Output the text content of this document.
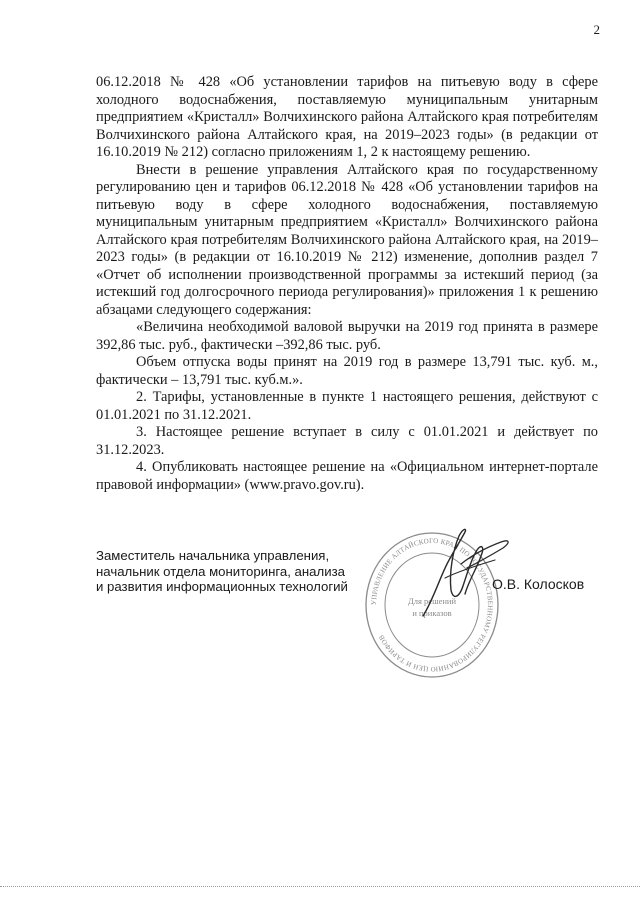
2

06.12.2018 № 428 «Об установлении тарифов на питьевую воду в сфере холодного водоснабжения, поставляемую муниципальным унитарным предприятием «Кристалл» Волчихинского района Алтайского края потребителям Волчихинского района Алтайского края, на 2019–2023 годы» (в редакции от 16.10.2019 № 212) согласно приложениям 1, 2 к настоящему решению.

Внести в решение управления Алтайского края по государственному регулированию цен и тарифов 06.12.2018 № 428 «Об установлении тарифов на питьевую воду в сфере холодного водоснабжения, поставляемую муниципальным унитарным предприятием «Кристалл» Волчихинского района Алтайского края потребителям Волчихинского района Алтайского края, на 2019–2023 годы» (в редакции от 16.10.2019 № 212) изменение, дополнив раздел 7 «Отчет об исполнении производственной программы за истекший период (за истекший год долгосрочного периода регулирования)» приложения 1 к решению абзацами следующего содержания:

«Величина необходимой валовой выручки на 2019 год принята в размере 392,86 тыс. руб., фактически –392,86 тыс. руб.

Объем отпуска воды принят на 2019 год в размере 13,791 тыс. куб. м., фактически – 13,791 тыс. куб.м.».

2. Тарифы, установленные в пункте 1 настоящего решения, действуют с 01.01.2021 по 31.12.2021.

3. Настоящее решение вступает в силу с 01.01.2021 и действует по 31.12.2023.

4. Опубликовать настоящее решение на «Официальном интернет-портале правовой информации» (www.pravo.gov.ru).

Заместитель начальника управления,
начальник отдела мониторинга, анализа
и развития информационных технологий
УПРАВЛЕНИЕ АЛТАЙСКОГО КРАЯ ПО ГОСУДАРСТВЕННОМУ РЕГУЛИРОВАНИЮ ЦЕН И ТАРИФОВ
Для решений
и приказов
О.В. Колосков
